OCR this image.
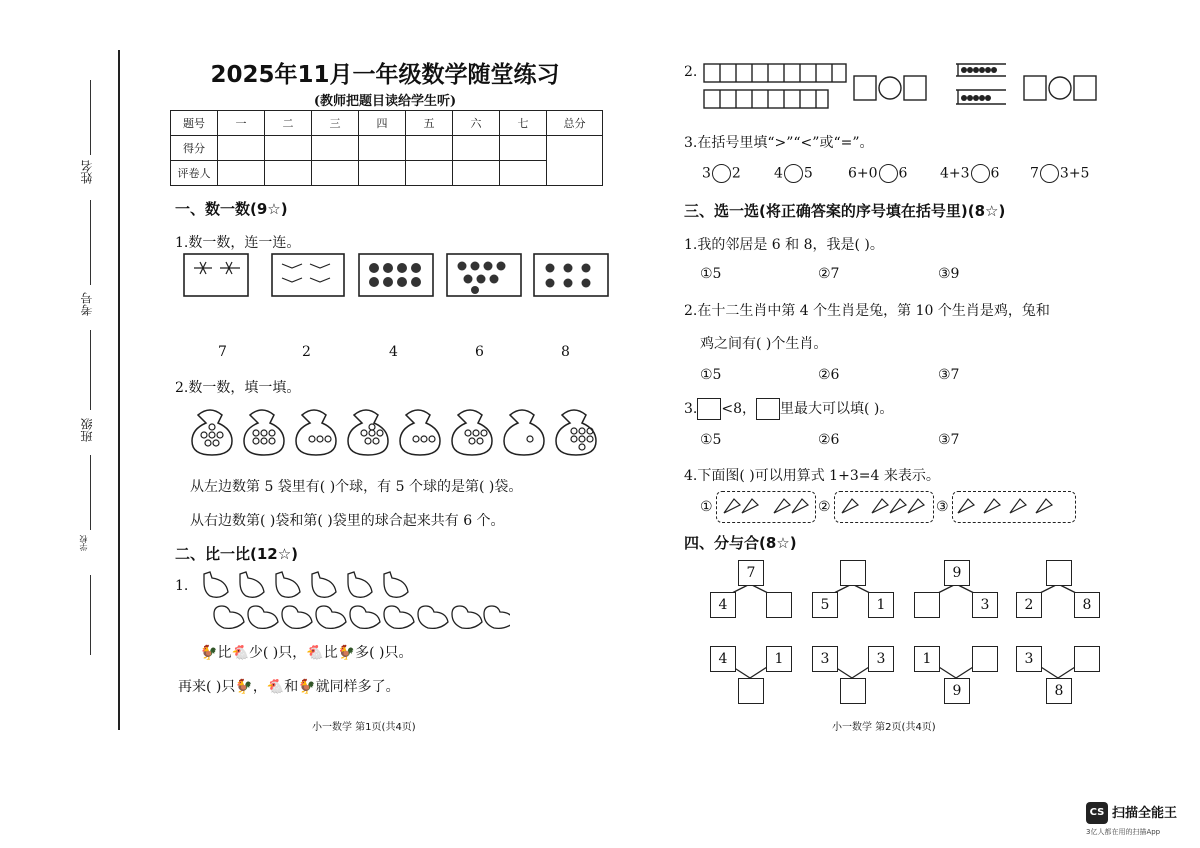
姓名
考号
班级
学校
2025年11月一年级数学随堂练习
(教师把题目读给学生听)
题号	一	二	三	四	五	六	七	总分
得分								
评卷人								
一、数一数(9☆)
1.数一数，连一连。
7	2	4	6	8
2.数一数，填一填。
从左边数第 5 袋里有( )个球，有 5 个球的是第( )袋。
从右边数第( )袋和第( )袋里的球合起来共有 6 个。
二、比一比(12☆)
1.
🐓比🐔少( )只，🐔比🐓多( )只。
再来( )只🐓，🐔和🐓就同样多了。
小一数学 第1页(共4页)
2.
3.在括号里填“>”“<”或“=”。
3 2 4 5	6+0 6 4+3 6 7 3+5
三、选一选(将正确答案的序号填在括号里)(8☆)
1.我的邻居是 6 和 8，我是( )。
①5	②7	③9
2.在十二生肖中第 4 个生肖是兔，第 10 个生肖是鸡，兔和
鸡之间有( )个生肖。
①5	②6	③7
3. <8， 里最大可以填( )。
①5	②6	③7
4.下面图( )可以用算式 1+3=4 来表示。
①	②	③
四、分与合(8☆)
7
4	5	1
9
3	2	8
4	1	3	3	1
9
3
8
小一数学 第2页(共4页)
CS 扫描全能王
3亿人都在用的扫描App
